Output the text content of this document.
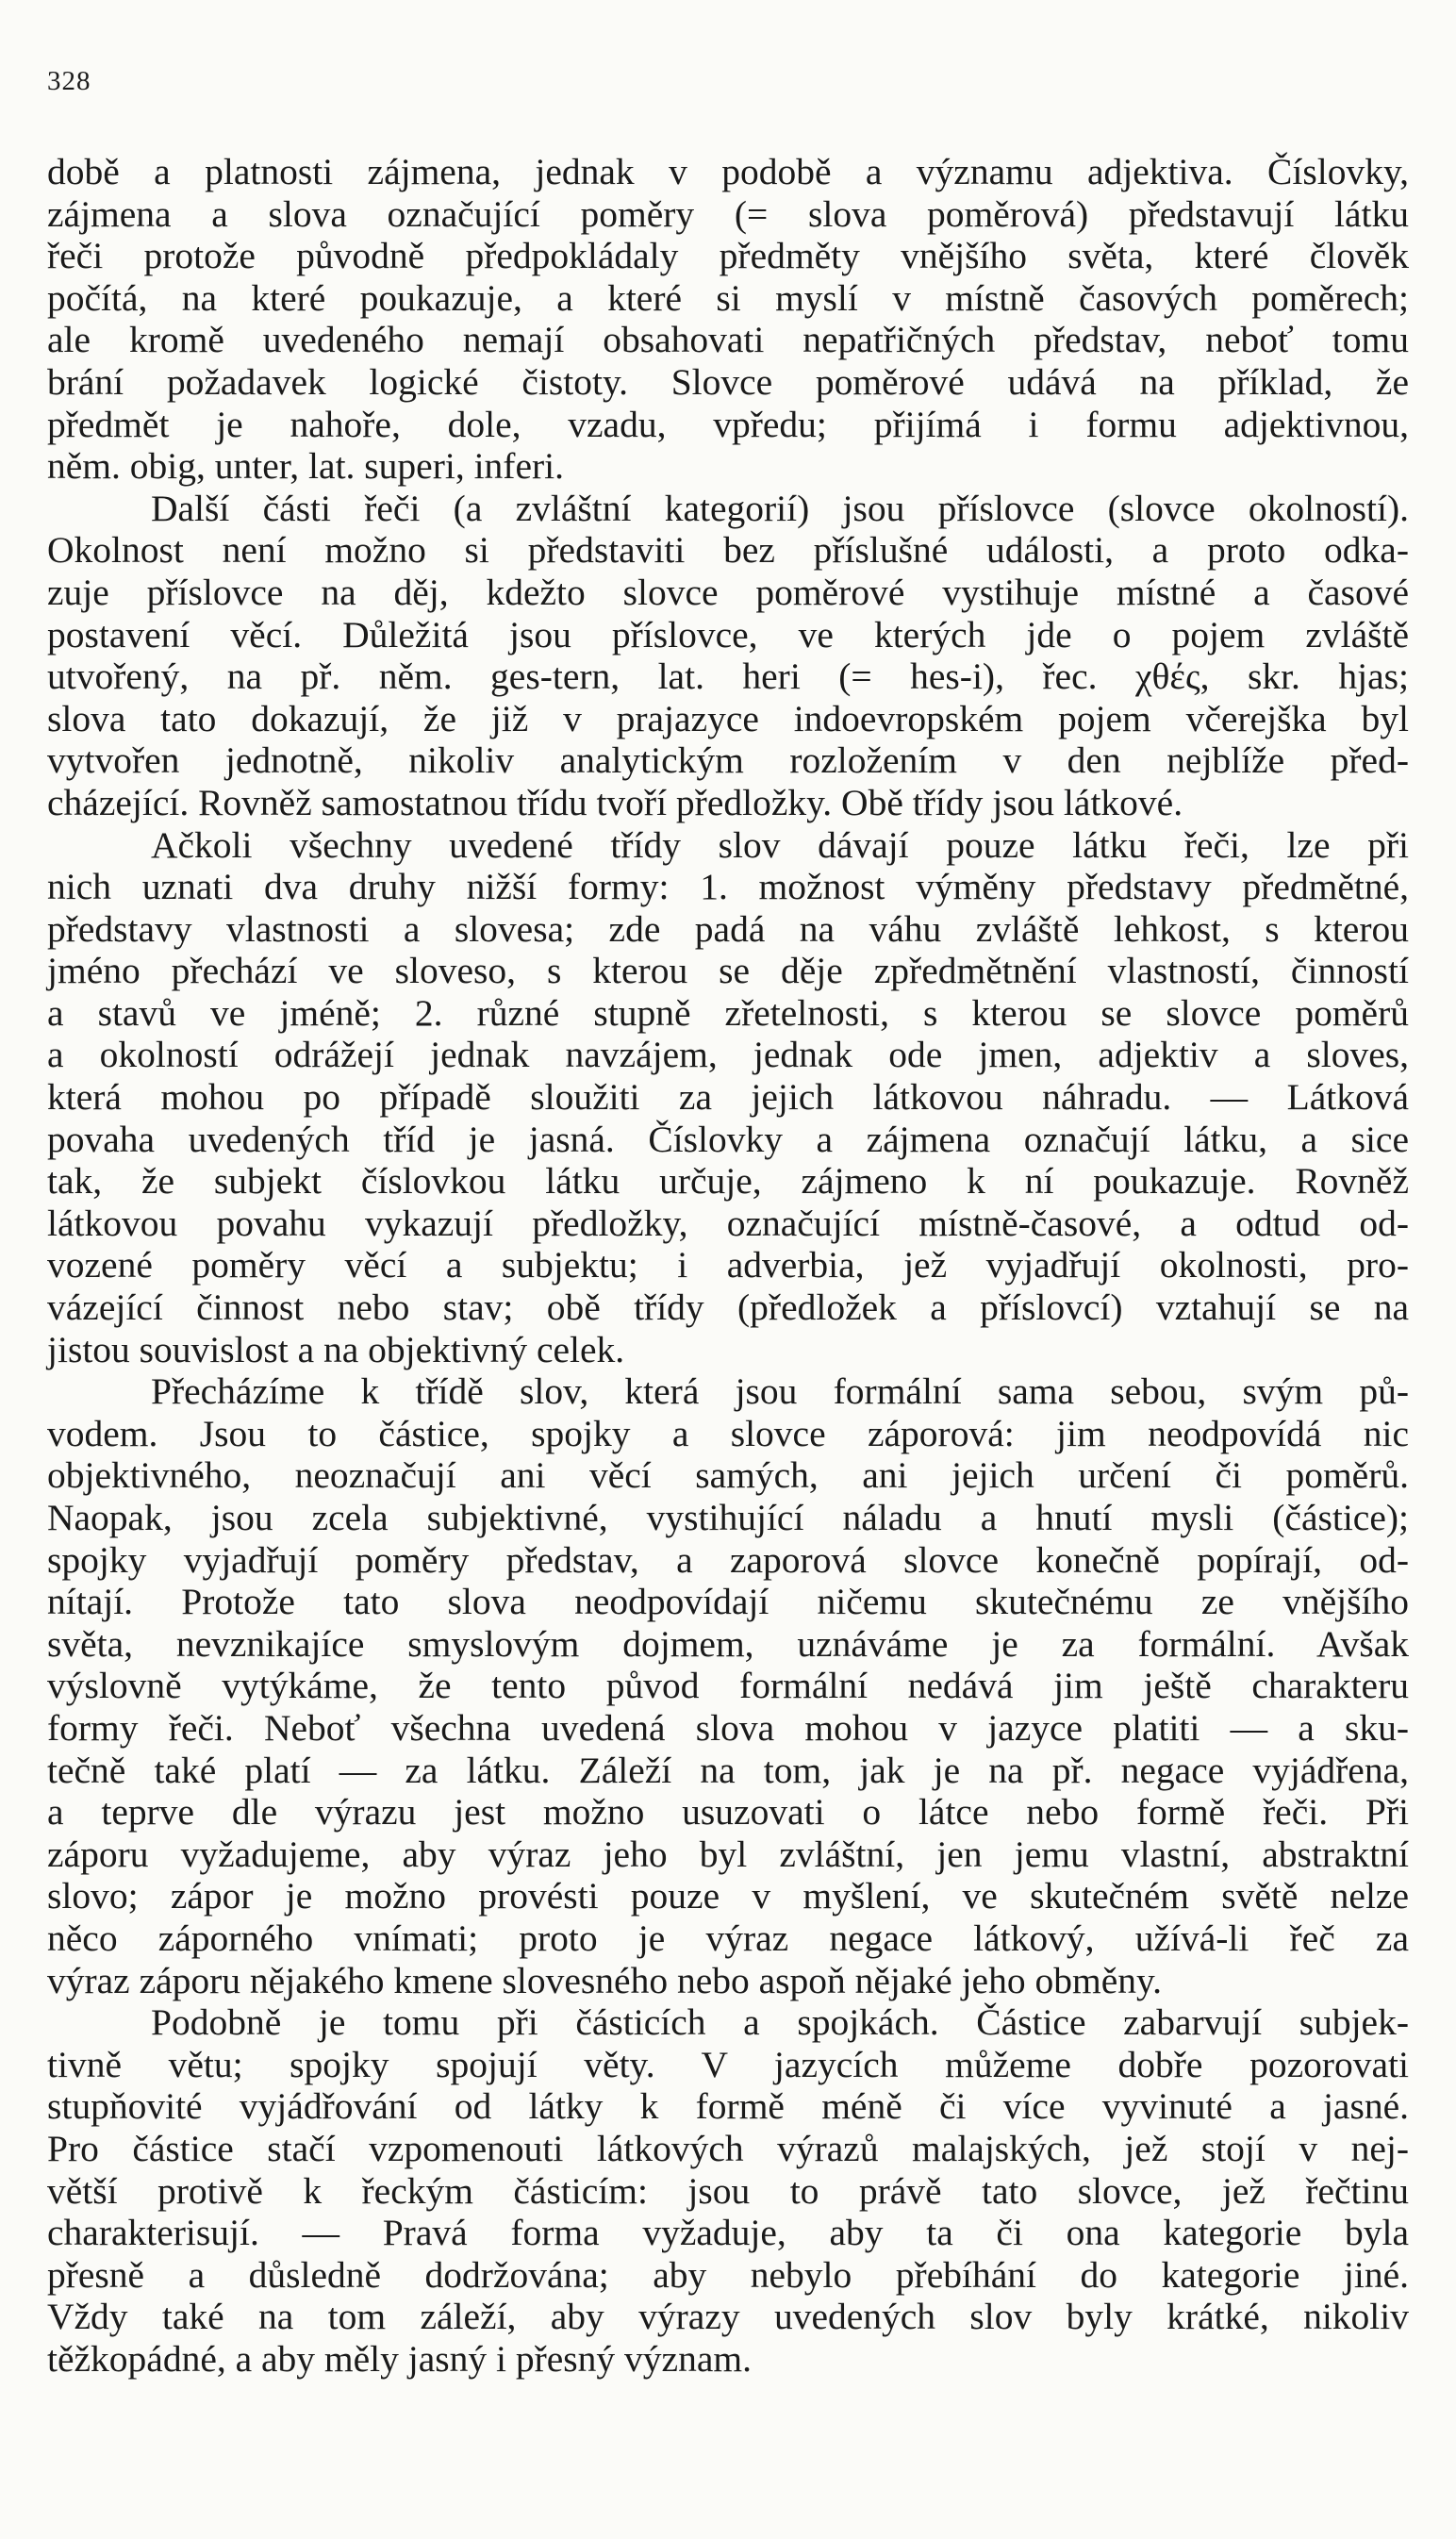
328
době a platnosti zájmena, jednak v podobě a významu adjektiva. Číslovky,
zájmena a slova označující poměry (= slova poměrová) představují látku
řeči protože původně předpokládaly předměty vnějšího světa, které člověk
počítá, na které poukazuje, a které si myslí v místně časových poměrech;
ale kromě uvedeného nemají obsahovati nepatřičných představ, neboť tomu
brání požadavek logické čistoty. Slovce poměrové udává na příklad, že
předmět je nahoře, dole, vzadu, vpředu; přijímá i formu adjektivnou,
něm. obig, unter, lat. superi, inferi.
Další části řeči (a zvláštní kategorií) jsou příslovce (slovce okolností).
Okolnost není možno si představiti bez příslušné události, a proto odka-
zuje příslovce na děj, kdežto slovce poměrové vystihuje místné a časové
postavení věcí. Důležitá jsou příslovce, ve kterých jde o pojem zvláště
utvořený, na př. něm. ges-tern, lat. heri (= hes-i), řec. χθές, skr. hjas;
slova tato dokazují, že již v prajazyce indoevropském pojem včerejška byl
vytvořen jednotně, nikoliv analytickým rozložením v den nejblíže před-
cházející. Rovněž samostatnou třídu tvoří předložky. Obě třídy jsou látkové.
Ačkoli všechny uvedené třídy slov dávají pouze látku řeči, lze při
nich uznati dva druhy nižší formy: 1. možnost výměny představy předmětné,
představy vlastnosti a slovesa; zde padá na váhu zvláště lehkost, s kterou
jméno přechází ve sloveso, s kterou se děje zpředmětnění vlastností, činností
a stavů ve jméně; 2. různé stupně zřetelnosti, s kterou se slovce poměrů
a okolností odrážejí jednak navzájem, jednak ode jmen, adjektiv a sloves,
která mohou po případě sloužiti za jejich látkovou náhradu. — Látková
povaha uvedených tříd je jasná. Číslovky a zájmena označují látku, a sice
tak, že subjekt číslovkou látku určuje, zájmeno k ní poukazuje. Rovněž
látkovou povahu vykazují předložky, označující místně-časové, a odtud od-
vozené poměry věcí a subjektu; i adverbia, jež vyjadřují okolnosti, pro-
vázející činnost nebo stav; obě třídy (předložek a příslovcí) vztahují se na
jistou souvislost a na objektivný celek.
Přecházíme k třídě slov, která jsou formální sama sebou, svým pů-
vodem. Jsou to částice, spojky a slovce záporová: jim neodpovídá nic
objektivného, neoznačují ani věcí samých, ani jejich určení či poměrů.
Naopak, jsou zcela subjektivné, vystihující náladu a hnutí mysli (částice);
spojky vyjadřují poměry představ, a zaporová slovce konečně popírají, od-
nítají. Protože tato slova neodpovídají ničemu skutečnému ze vnějšího
světa, nevznikajíce smyslovým dojmem, uznáváme je za formální. Avšak
výslovně vytýkáme, že tento původ formální nedává jim ještě charakteru
formy řeči. Neboť všechna uvedená slova mohou v jazyce platiti — a sku-
tečně také platí — za látku. Záleží na tom, jak je na př. negace vyjádřena,
a teprve dle výrazu jest možno usuzovati o látce nebo formě řeči. Při
záporu vyžadujeme, aby výraz jeho byl zvláštní, jen jemu vlastní, abstraktní
slovo; zápor je možno provésti pouze v myšlení, ve skutečném světě nelze
něco záporného vnímati; proto je výraz negace látkový, užívá-li řeč za
výraz záporu nějakého kmene slovesného nebo aspoň nějaké jeho obměny.
Podobně je tomu při částicích a spojkách. Částice zabarvují subjek-
tivně větu; spojky spojují věty. V jazycích můžeme dobře pozorovati
stupňovité vyjádřování od látky k formě méně či více vyvinuté a jasné.
Pro částice stačí vzpomenouti látkových výrazů malajských, jež stojí v nej-
větší protivě k řeckým částicím: jsou to právě tato slovce, jež řečtinu
charakterisují. — Pravá forma vyžaduje, aby ta či ona kategorie byla
přesně a důsledně dodržována; aby nebylo přebíhání do kategorie jiné.
Vždy také na tom záleží, aby výrazy uvedených slov byly krátké, nikoliv
těžkopádné, a aby měly jasný i přesný význam.
